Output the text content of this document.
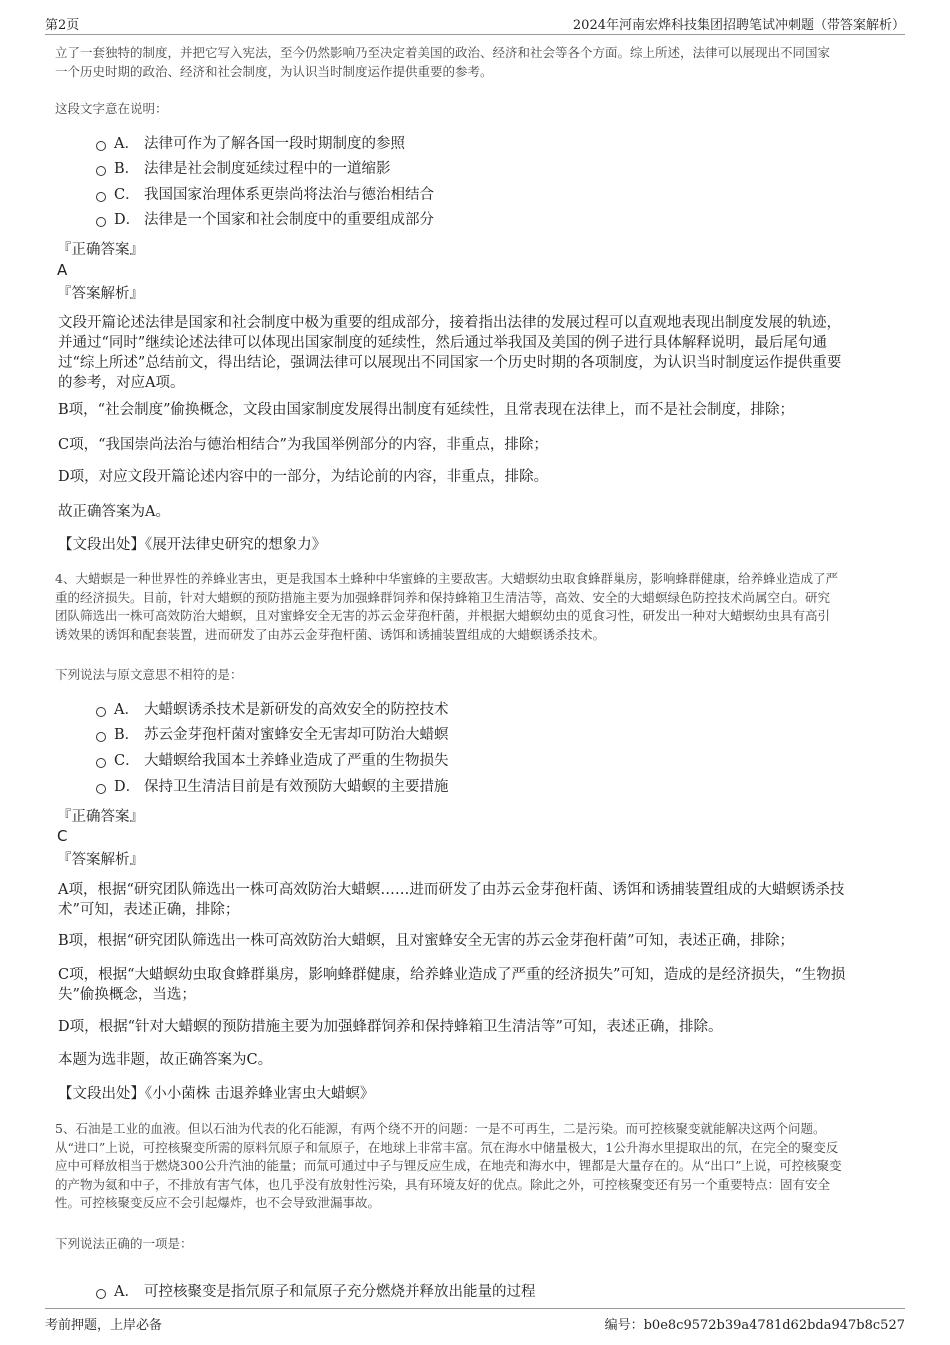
第2页	2024年河南宏烨科技集团招聘笔试冲刺题（带答案解析）
立了一套独特的制度，并把它写入宪法，至今仍然影响乃至决定着美国的政治、经济和社会等各个方面。综上所述，法律可以展现出不同国家
一个历史时期的政治、经济和社会制度，为认识当时制度运作提供重要的参考。
这段文字意在说明：
A． 法律可作为了解各国一段时期制度的参照
B． 法律是社会制度延续过程中的一道缩影
C． 我国国家治理体系更崇尚将法治与德治相结合
D． 法律是一个国家和社会制度中的重要组成部分
『正确答案』
A
『答案解析』
文段开篇论述法律是国家和社会制度中极为重要的组成部分，接着指出法律的发展过程可以直观地表现出制度发展的轨迹，
并通过“同时”继续论述法律可以体现出国家制度的延续性，然后通过举我国及美国的例子进行具体解释说明，最后尾句通
过“综上所述”总结前文，得出结论，强调法律可以展现出不同国家一个历史时期的各项制度，为认识当时制度运作提供重要
的参考，对应A项。
B项，“社会制度”偷换概念，文段由国家制度发展得出制度有延续性，且常表现在法律上，而不是社会制度，排除；
C项，“我国崇尚法治与德治相结合”为我国举例部分的内容，非重点，排除；
D项，对应文段开篇论述内容中的一部分，为结论前的内容，非重点，排除。
故正确答案为A。
【文段出处】《展开法律史研究的想象力》
4、大蜡螟是一种世界性的养蜂业害虫，更是我国本土蜂种中华蜜蜂的主要敌害。大蜡螟幼虫取食蜂群巢房，影响蜂群健康，给养蜂业造成了严
重的经济损失。目前，针对大蜡螟的预防措施主要为加强蜂群饲养和保持蜂箱卫生清洁等，高效、安全的大蜡螟绿色防控技术尚属空白。研究
团队筛选出一株可高效防治大蜡螟，且对蜜蜂安全无害的苏云金芽孢杆菌，并根据大蜡螟幼虫的觅食习性，研发出一种对大蜡螟幼虫具有高引
诱效果的诱饵和配套装置，进而研发了由苏云金芽孢杆菌、诱饵和诱捕装置组成的大蜡螟诱杀技术。
下列说法与原文意思不相符的是：
A． 大蜡螟诱杀技术是新研发的高效安全的防控技术
B． 苏云金芽孢杆菌对蜜蜂安全无害却可防治大蜡螟
C． 大蜡螟给我国本土养蜂业造成了严重的生物损失
D． 保持卫生清洁目前是有效预防大蜡螟的主要措施
『正确答案』
C
『答案解析』
A项，根据“研究团队筛选出一株可高效防治大蜡螟……进而研发了由苏云金芽孢杆菌、诱饵和诱捕装置组成的大蜡螟诱杀技
术”可知，表述正确，排除；
B项，根据“研究团队筛选出一株可高效防治大蜡螟，且对蜜蜂安全无害的苏云金芽孢杆菌”可知，表述正确，排除；
C项，根据“大蜡螟幼虫取食蜂群巢房，影响蜂群健康，给养蜂业造成了严重的经济损失”可知，造成的是经济损失，“生物损
失”偷换概念，当选；
D项，根据“针对大蜡螟的预防措施主要为加强蜂群饲养和保持蜂箱卫生清洁等”可知，表述正确，排除。
本题为选非题，故正确答案为C。
【文段出处】《小小菌株 击退养蜂业害虫大蜡螟》
5、石油是工业的血液。但以石油为代表的化石能源，有两个绕不开的问题：一是不可再生，二是污染。而可控核聚变就能解决这两个问题。
从“进口”上说，可控核聚变所需的原料氘原子和氚原子，在地球上非常丰富。氘在海水中储量极大，1公升海水里提取出的氘，在完全的聚变反
应中可释放相当于燃烧300公升汽油的能量；而氚可通过中子与锂反应生成，在地壳和海水中，锂都是大量存在的。从“出口”上说，可控核聚变
的产物为氦和中子，不排放有害气体，也几乎没有放射性污染，具有环境友好的优点。除此之外，可控核聚变还有另一个重要特点：固有安全
性。可控核聚变反应不会引起爆炸，也不会导致泄漏事故。
下列说法正确的一项是：
A． 可控核聚变是指氘原子和氚原子充分燃烧并释放出能量的过程
考前押题，上岸必备	编号：b0e8c9572b39a4781d62bda947b8c527
